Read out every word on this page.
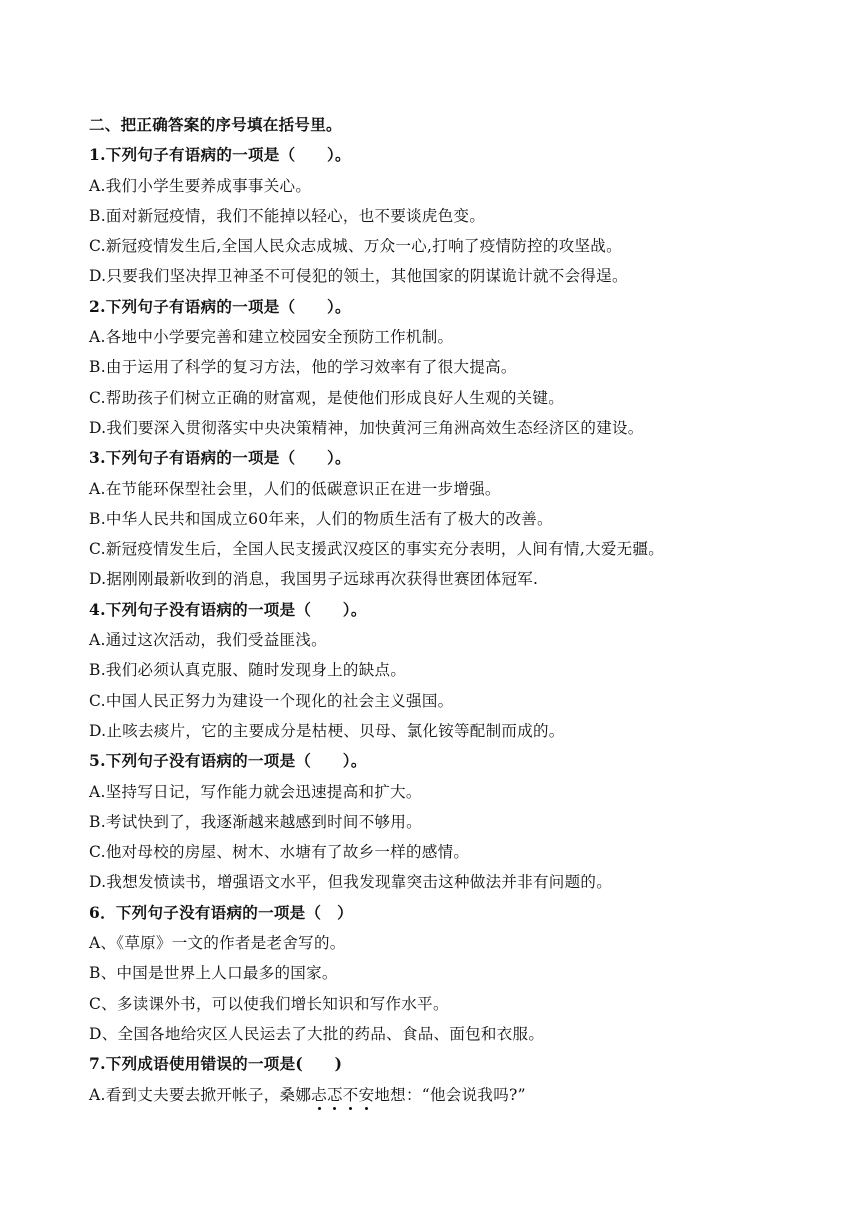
二、把正确答案的序号填在括号里。
1.下列句子有语病的一项是（　　）。
A.我们小学生要养成事事关心。
B.面对新冠疫情，我们不能掉以轻心，也不要谈虎色变。
C.新冠疫情发生后,全国人民众志成城、万众一心,打响了疫情防控的攻坚战。
D.只要我们坚决捍卫神圣不可侵犯的领土，其他国家的阴谋诡计就不会得逞。
2.下列句子有语病的一项是（　　）。
A.各地中小学要完善和建立校园安全预防工作机制。
B.由于运用了科学的复习方法，他的学习效率有了很大提高。
C.帮助孩子们树立正确的财富观，是使他们形成良好人生观的关键。
D.我们要深入贯彻落实中央决策精神，加快黄河三角洲高效生态经济区的建设。
3.下列句子有语病的一项是（　　）。
A.在节能环保型社会里，人们的低碳意识正在进一步增强。
B.中华人民共和国成立60年来，人们的物质生活有了极大的改善。
C.新冠疫情发生后，全国人民支援武汉疫区的事实充分表明，人间有情,大爱无疆。
D.据刚刚最新收到的消息，我国男子远球再次获得世赛团体冠军.
4.下列句子没有语病的一项是（　　）。
A.通过这次活动，我们受益匪浅。
B.我们必须认真克服、随时发现身上的缺点。
C.中国人民正努力为建设一个现化的社会主义强国。
D.止咳去痰片，它的主要成分是枯梗、贝母、氯化铵等配制而成的。
5.下列句子没有语病的一项是（　　）。
A.坚持写日记，写作能力就会迅速提高和扩大。
B.考试快到了，我逐渐越来越感到时间不够用。
C.他对母校的房屋、树木、水塘有了故乡一样的感情。
D.我想发愤读书，增强语文水平，但我发现靠突击这种做法并非有问题的。
6．下列句子没有语病的一项是（　）
A、《草原》一文的作者是老舍写的。
B、中国是世界上人口最多的国家。
C、多读课外书，可以使我们增长知识和写作水平。
D、全国各地给灾区人民运去了大批的药品、食品、面包和衣服。
7.下列成语使用错误的一项是(　　)
A.看到丈夫要去掀开帐子，桑娜忐忑不安地想：“他会说我吗?”
